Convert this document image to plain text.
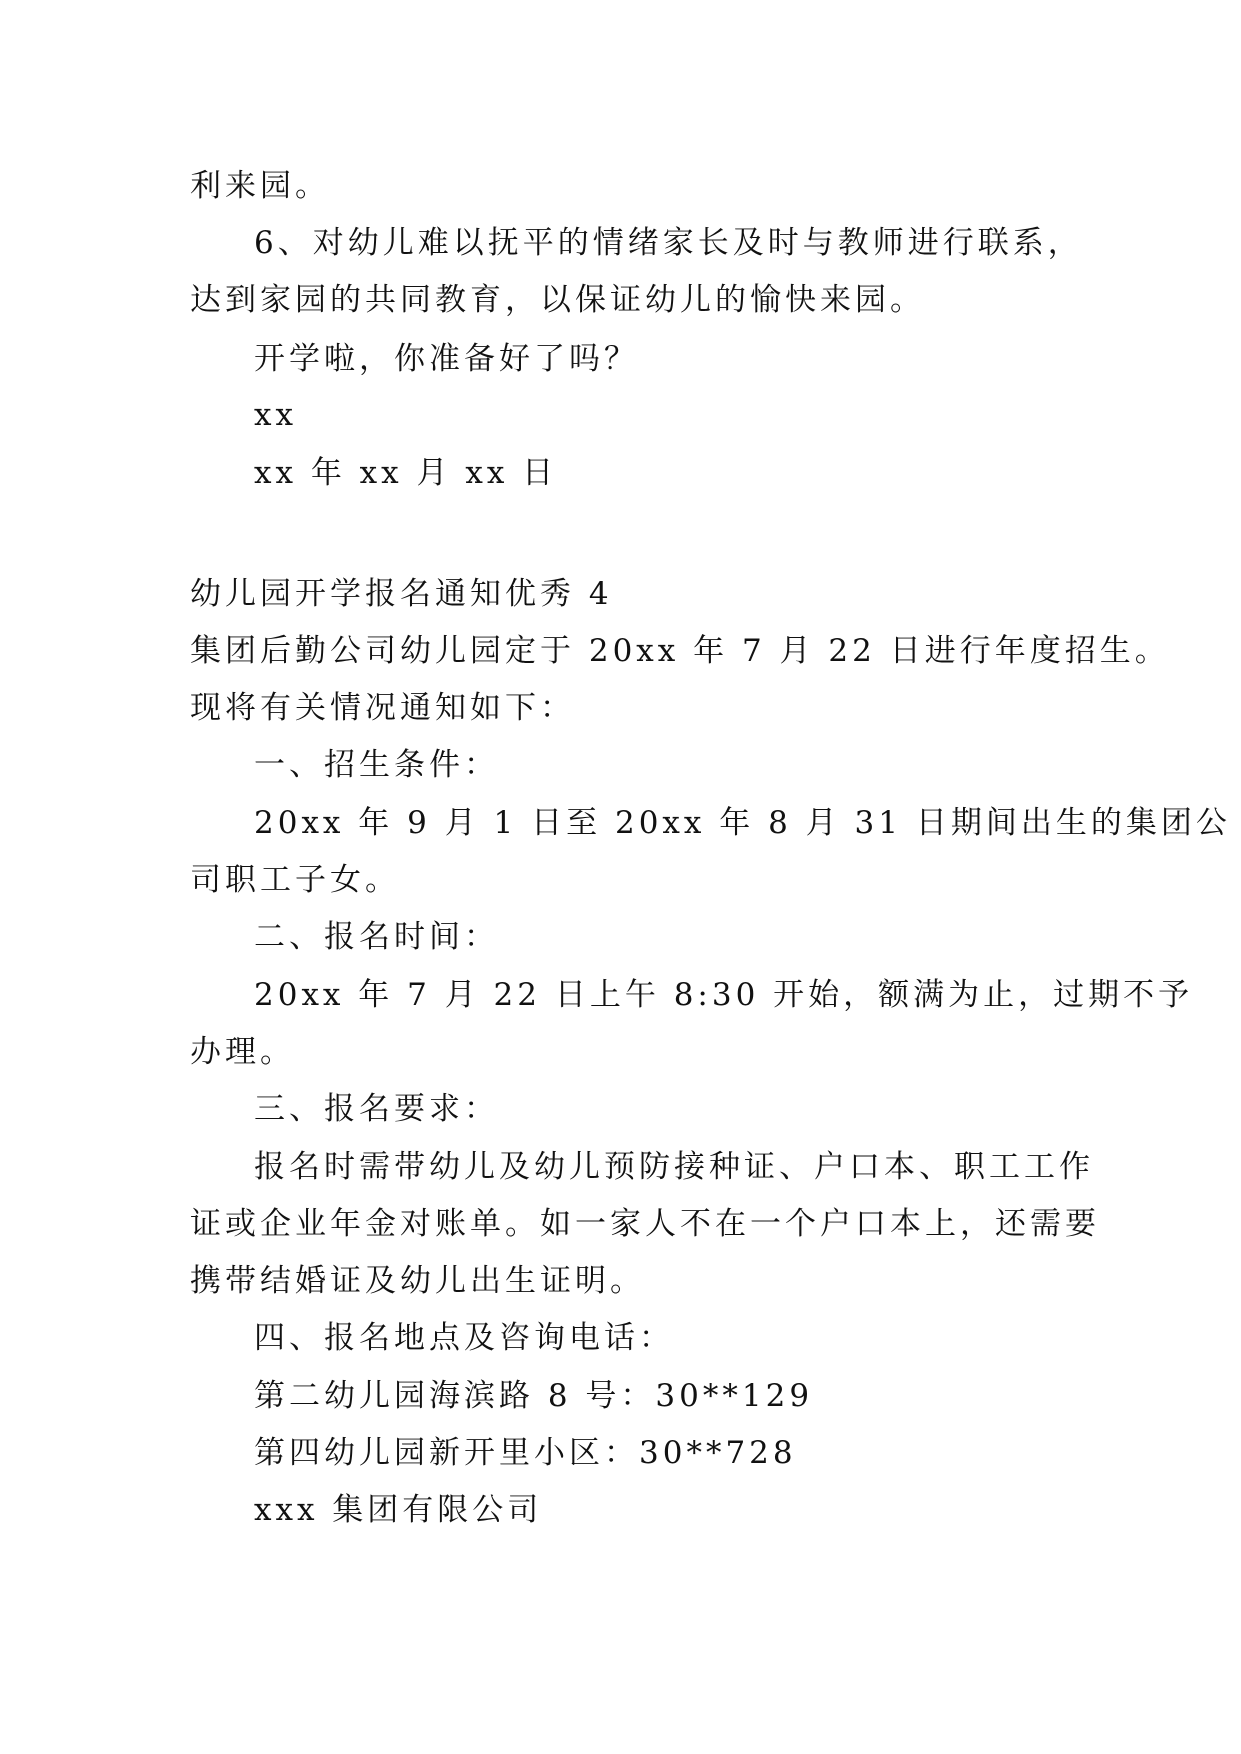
利来园。
6、对幼儿难以抚平的情绪家长及时与教师进行联系，
达到家园的共同教育，以保证幼儿的愉快来园。
开学啦，你准备好了吗？
xx
xx 年 xx 月 xx 日
幼儿园开学报名通知优秀 4
集团后勤公司幼儿园定于 20xx 年 7 月 22 日进行年度招生。
现将有关情况通知如下：
一、招生条件：
20xx 年 9 月 1 日至 20xx 年 8 月 31 日期间出生的集团公
司职工子女。
二、报名时间：
20xx 年 7 月 22 日上午 8:30 开始，额满为止，过期不予
办理。
三、报名要求：
报名时需带幼儿及幼儿预防接种证、户口本、职工工作
证或企业年金对账单。如一家人不在一个户口本上，还需要
携带结婚证及幼儿出生证明。
四、报名地点及咨询电话：
第二幼儿园海滨路 8 号：30**129
第四幼儿园新开里小区：30**728
xxx 集团有限公司
